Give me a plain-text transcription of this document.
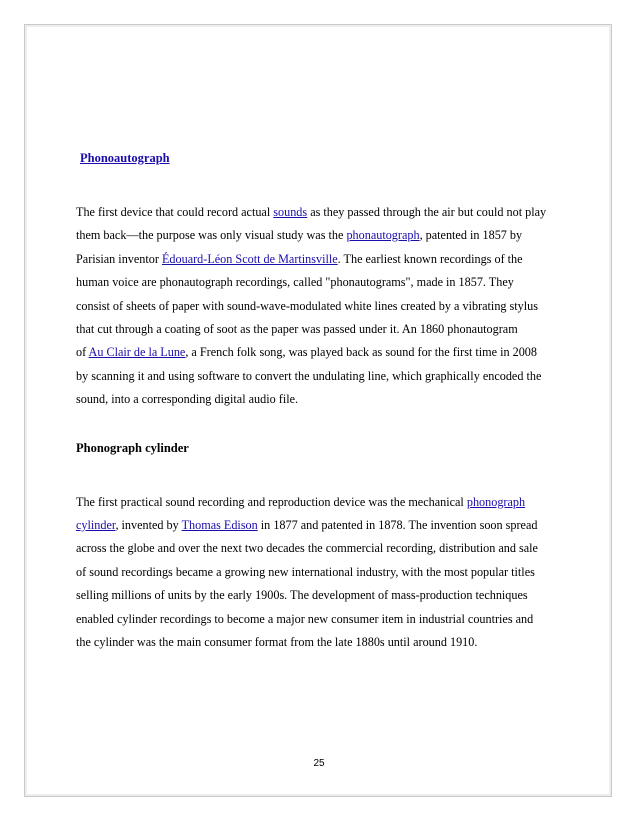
Phonoautograph

The first device that could record actual sounds as they passed through the air but could not play
them back—the purpose was only visual study was the phonautograph, patented in 1857 by
Parisian inventor Édouard-Léon Scott de Martinsville. The earliest known recordings of the
human voice are phonautograph recordings, called "phonautograms", made in 1857. They
consist of sheets of paper with sound-wave-modulated white lines created by a vibrating stylus
that cut through a coating of soot as the paper was passed under it. An 1860 phonautogram
of Au Clair de la Lune, a French folk song, was played back as sound for the first time in 2008
by scanning it and using software to convert the undulating line, which graphically encoded the
sound, into a corresponding digital audio file.

Phonograph cylinder

The first practical sound recording and reproduction device was the mechanical phonograph
cylinder, invented by Thomas Edison in 1877 and patented in 1878. The invention soon spread
across the globe and over the next two decades the commercial recording, distribution and sale
of sound recordings became a growing new international industry, with the most popular titles
selling millions of units by the early 1900s. The development of mass-production techniques
enabled cylinder recordings to become a major new consumer item in industrial countries and
the cylinder was the main consumer format from the late 1880s until around 1910.

25
